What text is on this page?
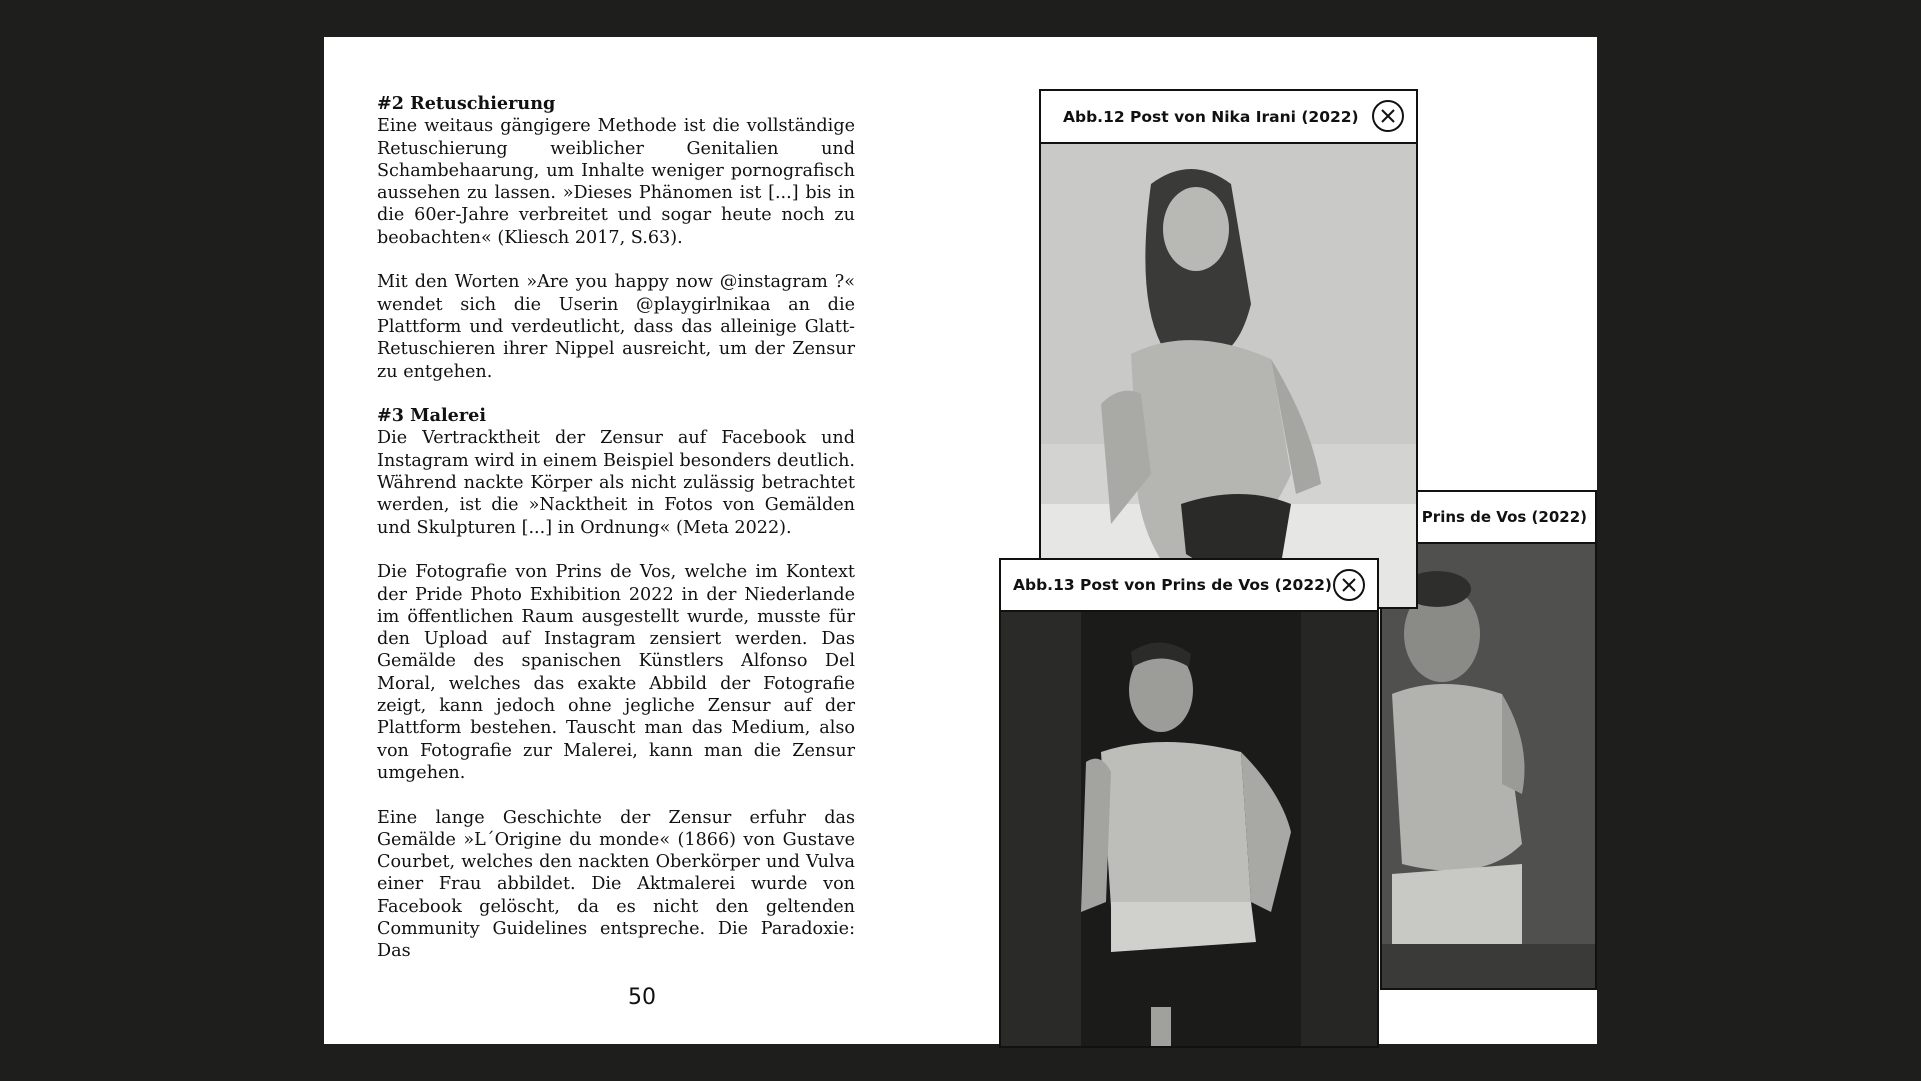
#2 Retuschierung
Eine weitaus gängigere Methode ist die vollständige Retuschierung weiblicher Genitalien und Schambehaarung, um Inhalte weniger pornografisch aussehen zu lassen. »Dieses Phänomen ist [...] bis in die 60er-Jahre verbreitet und sogar heute noch zu beobachten« (Kliesch 2017, S.63).

Mit den Worten »Are you happy now @instagram ?« wendet sich die Userin @playgirlnikaa an die Plattform und verdeutlicht, dass das alleinige Glatt-Retuschieren ihrer Nippel ausreicht, um der Zensur zu entgehen.

#3 Malerei
Die Vertracktheit der Zensur auf Facebook und Instagram wird in einem Beispiel besonders deutlich. Während nackte Körper als nicht zulässig betrachtet werden, ist die »Nacktheit in Fotos von Gemälden und Skulpturen [...] in Ordnung« (Meta 2022).

Die Fotografie von Prins de Vos, welche im Kontext der Pride Photo Exhibition 2022 in der Niederlande im öffentlichen Raum ausgestellt wurde, musste für den Upload auf Instagram zensiert werden. Das Gemälde des spanischen Künstlers Alfonso Del Moral, welches das exakte Abbild der Fotografie zeigt, kann jedoch ohne jegliche Zensur auf der Plattform bestehen. Tauscht man das Medium, also von Fotografie zur Malerei, kann man die Zensur umgehen.

Eine lange Geschichte der Zensur erfuhr das Gemälde »L´Origine du monde« (1866) von Gustave Courbet, welches den nackten Oberkörper und Vulva einer Frau abbildet. Die Aktmalerei wurde von Facebook gelöscht, da es nicht den geltenden Community Guidelines entspreche. Die Paradoxie: Das

50
Prins de Vos (2022)
Abb.12 Post von Nika Irani (2022)
Abb.13 Post von Prins de Vos (2022)
